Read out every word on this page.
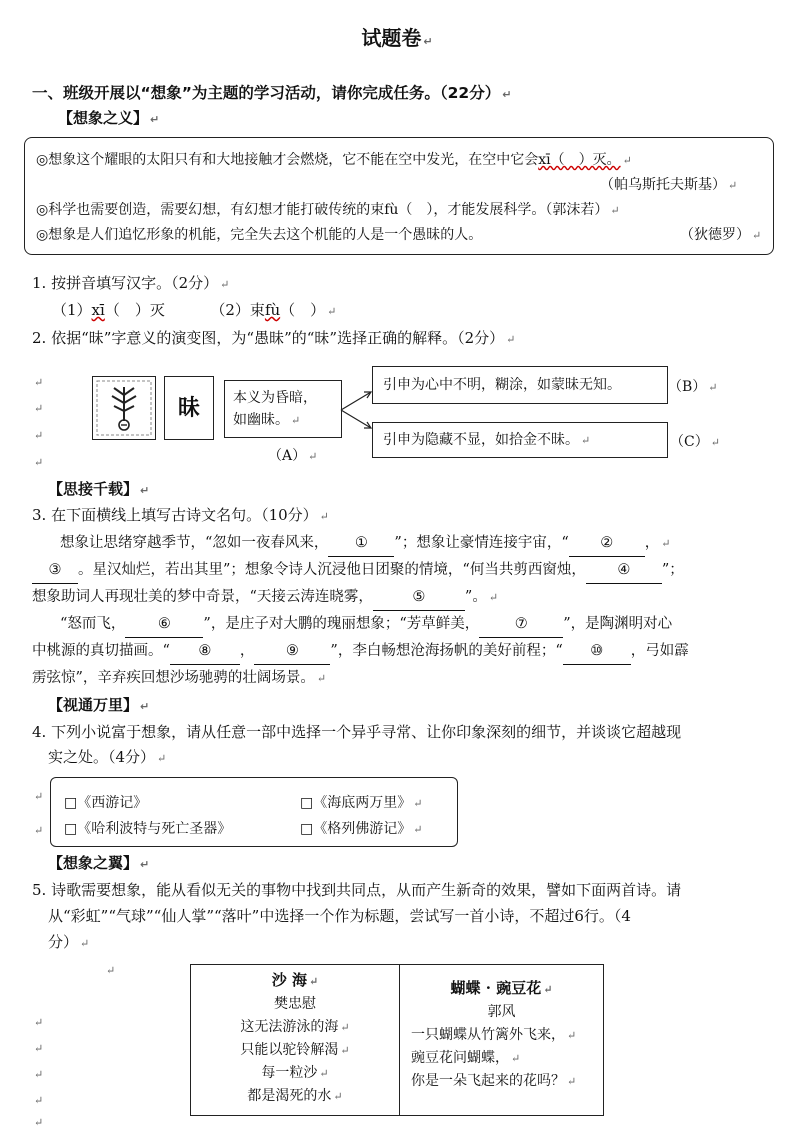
试题卷 ↵
一、班级开展以“想象”为主题的学习活动，请你完成任务。（22分） ↵
【想象之义】 ↵
◎想象这个耀眼的太阳只有和大地接触才会燃烧，它不能在空中发光，在空中它会xī（　）灭。 ↵
（帕乌斯托夫斯基） ↵
◎科学也需要创造，需要幻想，有幻想才能打破传统的束fù（　），才能发展科学。（郭沫若） ↵
◎想象是人们追忆形象的机能，完全失去这个机能的人是一个愚昧的人。	（狄德罗） ↵
1. 按拼音填写汉字。（2分） ↵
（1）xī（　）灭	（2）束fù（　） ↵
2. 依据“昧”字意义的演变图，为“愚昧”的“昧”选择正确的解释。（2分） ↵
↵
↵
↵
↵
昧	本义为昏暗，
如幽昧。 ↵
（A） ↵
引申为心中不明，糊涂，如蒙昧无知。	（B） ↵
引申为隐藏不显，如拾金不昧。 ↵	（C） ↵
【思接千载】 ↵
3. 在下面横线上填写古诗文名句。（10分） ↵
想象让思绪穿越季节，“忽如一夜春风来， ① ”；想象让豪情连接宇宙，“ ② ， ↵
③ 。星汉灿烂，若出其里”；想象令诗人沉浸他日团聚的情境，“何当共剪西窗烛， ④ ”；
想象助词人再现壮美的梦中奇景，“天接云涛连晓雾，	⑤	”。 ↵
“怒而飞， ⑥ ”，是庄子对大鹏的瑰丽想象；“芳草鲜美， ⑦ ”，是陶渊明对心
中桃源的真切描画。“ ⑧ ， ⑨ ”，李白畅想沧海扬帆的美好前程；“ ⑩ ，弓如霹
雳弦惊”，辛弃疾回想沙场驰骋的壮阔场景。 ↵
【视通万里】 ↵
4. 下列小说富于想象，请从任意一部中选择一个异乎寻常、让你印象深刻的细节，并谈谈它超越现
实之处。（4分） ↵
↵
↵
□《西游记》	□《海底两万里》 ↵
□《哈利波特与死亡圣器》	□《格列佛游记》 ↵
【想象之翼】 ↵
5. 诗歌需要想象，能从看似无关的事物中找到共同点，从而产生新奇的效果，譬如下面两首诗。请
从“彩虹”“气球”“仙人掌”“落叶”中选择一个作为标题，尝试写一首小诗，不超过6行。（4
分） ↵
↵
↵
↵
↵
↵
↵
沙 海 ↵
樊忠慰
这无法游泳的海 ↵
只能以驼铃解渴 ↵
每一粒沙 ↵
都是渴死的水 ↵

蝴蝶 · 豌豆花 ↵
郭风
一只蝴蝶从竹篱外飞来， ↵
豌豆花问蝴蝶， ↵
你是一朵飞起来的花吗？ ↵
